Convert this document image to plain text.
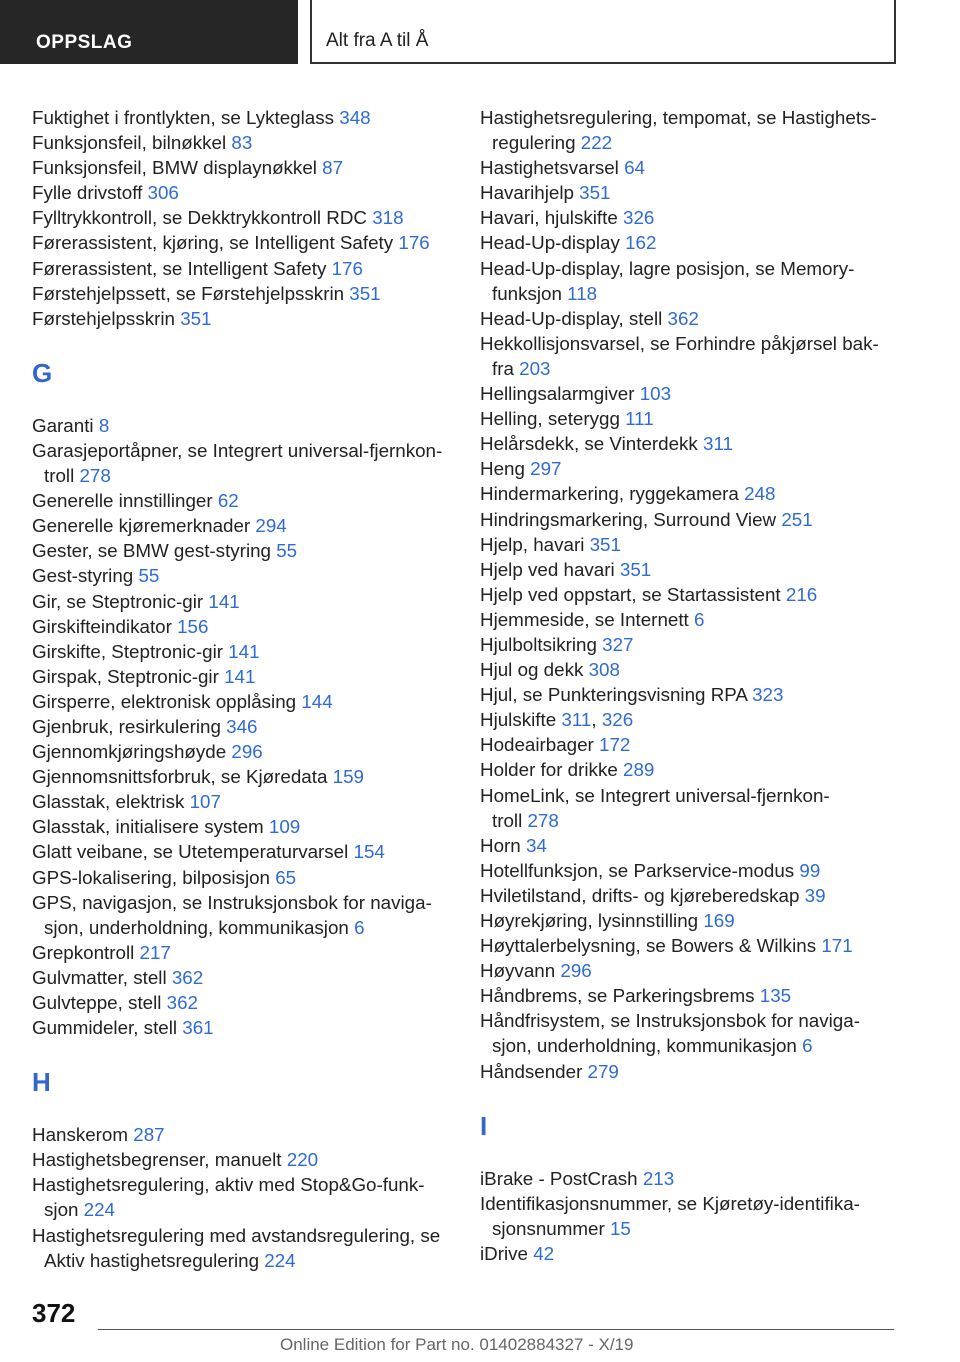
OPPSLAG	Alt fra A til Å
Fuktighet i frontlykten, se Lykteglass 348
Funksjonsfeil, bilnøkkel 83
Funksjonsfeil, BMW displaynøkkel 87
Fylle drivstoff 306
Fylltrykkontroll, se Dekktrykkontroll RDC 318
Førerassistent, kjøring, se Intelligent Safety 176
Førerassistent, se Intelligent Safety 176
Førstehjelpssett, se Førstehjelpsskrin 351
Førstehjelpsskrin 351
G
Garanti 8
Garasjeportåpner, se Integrert universal-fjernkon-
troll 278
Generelle innstillinger 62
Generelle kjøremerknader 294
Gester, se BMW gest-styring 55
Gest-styring 55
Gir, se Steptronic-gir 141
Girskifteindikator 156
Girskifte, Steptronic-gir 141
Girspak, Steptronic-gir 141
Girsperre, elektronisk opplåsing 144
Gjenbruk, resirkulering 346
Gjennomkjøringshøyde 296
Gjennomsnittsforbruk, se Kjøredata 159
Glasstak, elektrisk 107
Glasstak, initialisere system 109
Glatt veibane, se Utetemperaturvarsel 154
GPS-lokalisering, bilposisjon 65
GPS, navigasjon, se Instruksjonsbok for naviga-
sjon, underholdning, kommunikasjon 6
Grepkontroll 217
Gulvmatter, stell 362
Gulvteppe, stell 362
Gummideler, stell 361
H
Hanskerom 287
Hastighetsbegrenser, manuelt 220
Hastighetsregulering, aktiv med Stop&Go-funk-
sjon 224
Hastighetsregulering med avstandsregulering, se
Aktiv hastighetsregulering 224
Hastighetsregulering, tempomat, se Hastighets-
regulering 222
Hastighetsvarsel 64
Havarihjelp 351
Havari, hjulskifte 326
Head-Up-display 162
Head-Up-display, lagre posisjon, se Memory-
funksjon 118
Head-Up-display, stell 362
Hekkollisjonsvarsel, se Forhindre påkjørsel bak-
fra 203
Hellingsalarmgiver 103
Helling, seterygg 111
Helårsdekk, se Vinterdekk 311
Heng 297
Hindermarkering, ryggekamera 248
Hindringsmarkering, Surround View 251
Hjelp, havari 351
Hjelp ved havari 351
Hjelp ved oppstart, se Startassistent 216
Hjemmeside, se Internett 6
Hjulboltsikring 327
Hjul og dekk 308
Hjul, se Punkteringsvisning RPA 323
Hjulskifte 311, 326
Hodeairbager 172
Holder for drikke 289
HomeLink, se Integrert universal-fjernkon-
troll 278
Horn 34
Hotellfunksjon, se Parkservice-modus 99
Hviletilstand, drifts- og kjøreberedskap 39
Høyrekjøring, lysinnstilling 169
Høyttalerbelysning, se Bowers & Wilkins 171
Høyvann 296
Håndbrems, se Parkeringsbrems 135
Håndfrisystem, se Instruksjonsbok for naviga-
sjon, underholdning, kommunikasjon 6
Håndsender 279
I
iBrake - PostCrash 213
Identifikasjonsnummer, se Kjøretøy-identifika-
sjonsnummer 15
iDrive 42
372
Online Edition for Part no. 01402884327 - X/19
